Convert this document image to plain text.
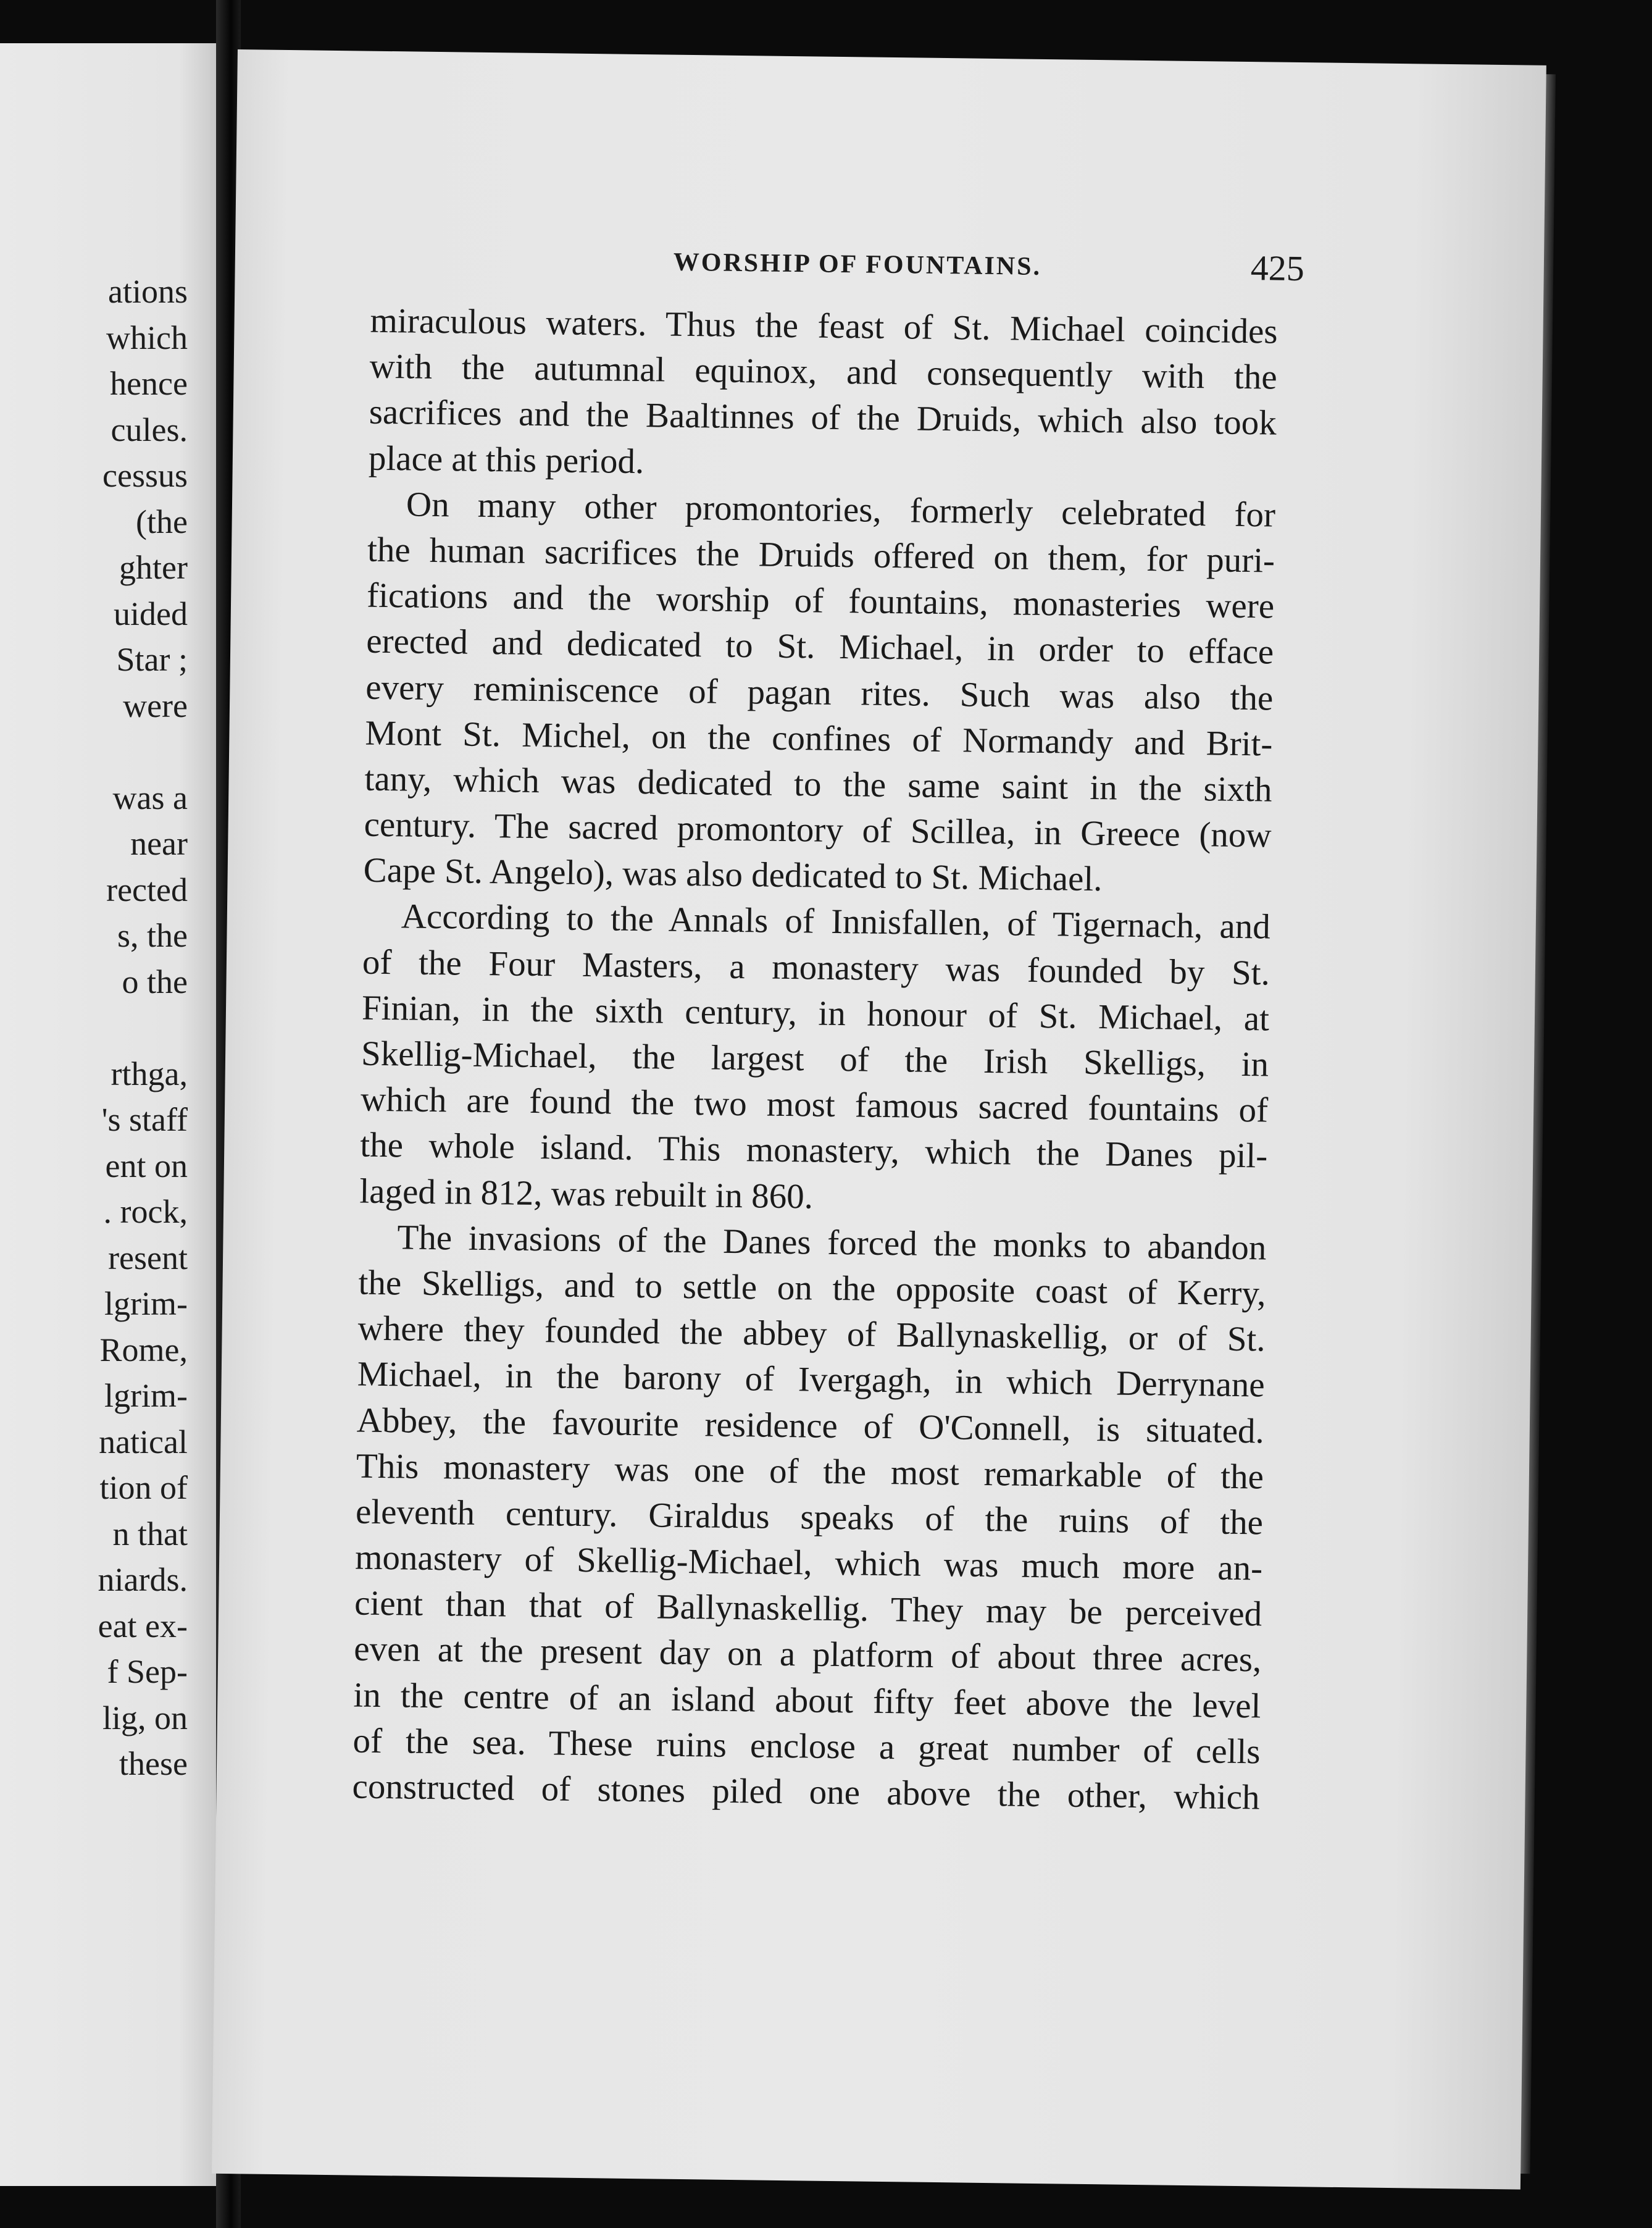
ations
which
hence
cules.
cessus
(the
ghter
uided
Star ;
were
was a
near
rected
s, the
o the
rthga,
's staff
ent on
. rock,
resent
lgrim-
Rome,
lgrim-
natical
tion of
n that
niards.
eat ex-
f Sep-
lig, on
these
WORSHIP OF FOUNTAINS.	425
miraculous waters. Thus the feast of St. Michael coincides
with the autumnal equinox, and consequently with the
sacrifices and the Baaltinnes of the Druids, which also took
place at this period.
On many other promontories, formerly celebrated for
the human sacrifices the Druids offered on them, for puri-
fications and the worship of fountains, monasteries were
erected and dedicated to St. Michael, in order to efface
every reminiscence of pagan rites. Such was also the
Mont St. Michel, on the confines of Normandy and Brit-
tany, which was dedicated to the same saint in the sixth
century. The sacred promontory of Scillea, in Greece (now
Cape St. Angelo), was also dedicated to St. Michael.
According to the Annals of Innisfallen, of Tigernach, and
of the Four Masters, a monastery was founded by St.
Finian, in the sixth century, in honour of St. Michael, at
Skellig-Michael, the largest of the Irish Skelligs, in
which are found the two most famous sacred fountains of
the whole island. This monastery, which the Danes pil-
laged in 812, was rebuilt in 860.
The invasions of the Danes forced the monks to abandon
the Skelligs, and to settle on the opposite coast of Kerry,
where they founded the abbey of Ballynaskellig, or of St.
Michael, in the barony of Ivergagh, in which Derrynane
Abbey, the favourite residence of O'Connell, is situated.
This monastery was one of the most remarkable of the
eleventh century. Giraldus speaks of the ruins of the
monastery of Skellig-Michael, which was much more an-
cient than that of Ballynaskellig. They may be perceived
even at the present day on a platform of about three acres,
in the centre of an island about fifty feet above the level
of the sea. These ruins enclose a great number of cells
constructed of stones piled one above the other, which
